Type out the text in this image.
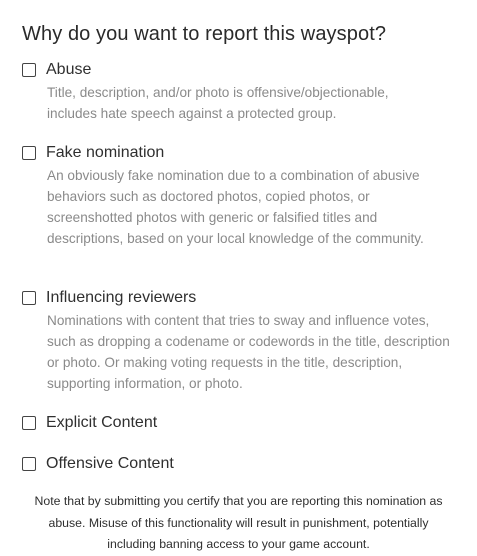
Why do you want to report this wayspot?
Abuse
Title, description, and/or photo is offensive/objectionable, includes hate speech against a protected group.
Fake nomination
An obviously fake nomination due to a combination of abusive behaviors such as doctored photos, copied photos, or screenshotted photos with generic or falsified titles and descriptions, based on your local knowledge of the community.
Influencing reviewers
Nominations with content that tries to sway and influence votes, such as dropping a codename or codewords in the title, description or photo. Or making voting requests in the title, description, supporting information, or photo.
Explicit Content
Offensive Content
Note that by submitting you certify that you are reporting this nomination as abuse. Misuse of this functionality will result in punishment, potentially including banning access to your game account.
